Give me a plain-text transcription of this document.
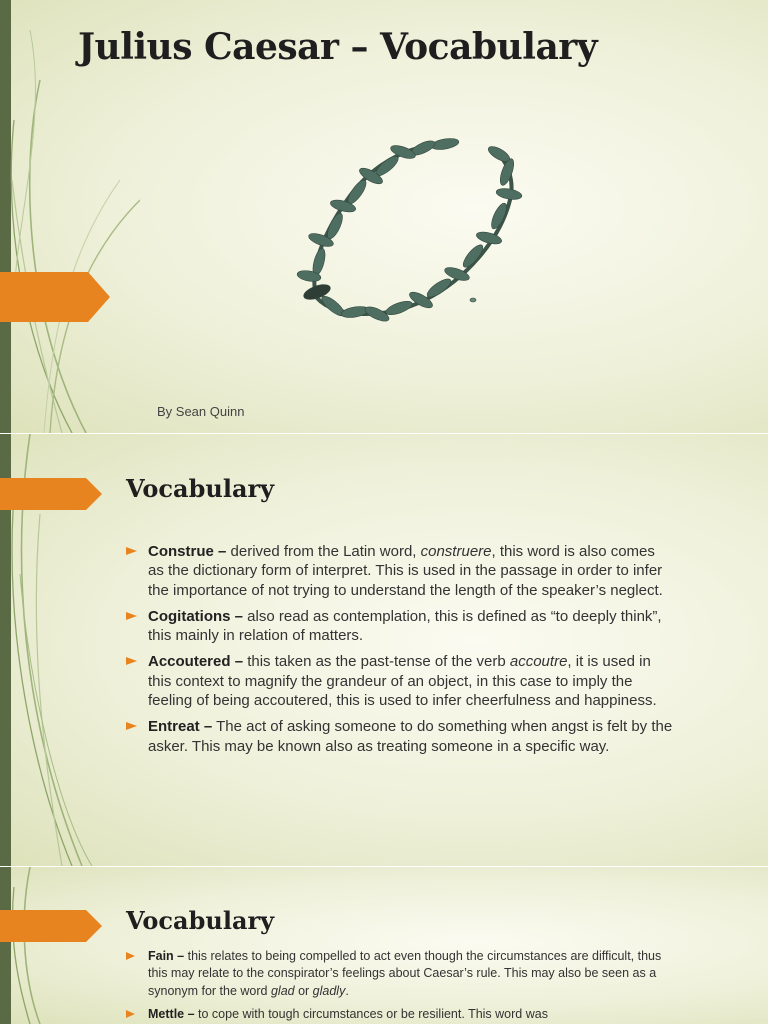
Julius Caesar – Vocabulary
By Sean Quinn
Vocabulary
Construe – derived from the Latin word, construere, this word is also comes as the dictionary form of interpret. This is used in the passage in order to infer the importance of not trying to understand the length of the speaker’s neglect.
Cogitations – also read as contemplation, this is defined as “to deeply think”, this mainly in relation of matters.
Accoutered – this taken as the past-tense of the verb accoutre, it is used in this context to magnify the grandeur of an object, in this case to imply the feeling of being accoutered, this is used to infer cheerfulness and happiness.
Entreat – The act of asking someone to do something when angst is felt by the asker. This may be known also as treating someone in a specific way.
Vocabulary
Fain – this relates to being compelled to act even though the circumstances are difficult, thus this may relate to the conspirator’s feelings about Caesar’s rule. This may also be seen as a synonym for the word glad or gladly.
Mettle – to cope with tough circumstances or be resilient. This word was
